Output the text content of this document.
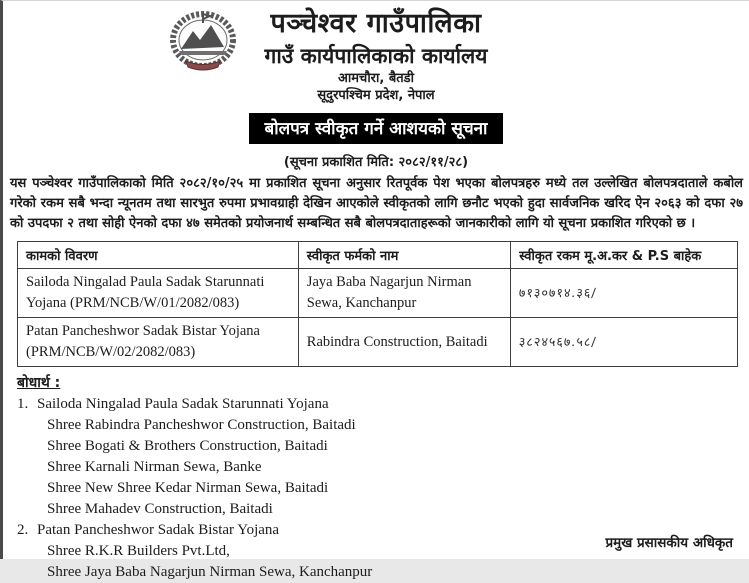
पञ्चेश्वर गाउँपालिका
गाउँ कार्यपालिकाको कार्यालय
आमचौरा, बैतडी
सूदुरपश्चिम प्रदेश, नेपाल
बोलपत्र स्वीकृत गर्ने आशयको सूचना
(सूचना प्रकाशित मिति: २०८२/११/२८)
यस पञ्चेश्वर गाउँपालिकाको मिति २०८२/१०/२५ मा प्रकाशित सूचना अनुसार रितपूर्वक पेश भएका बोलपत्रहरु मध्ये तल उल्लेखित बोलपत्रदाताले कबोल गरेको रकम सबै भन्दा न्यूनतम तथा सारभुत रुपमा प्रभावग्राही देखिन आएकोले स्वीकृतको लागि छनौट भएको हुदा सार्वजनिक खरिद ऐन २०६३ को दफा २७ को उपदफा २ तथा सोही ऐनको दफा ४७ समेतको प्रयोजनार्थ सम्बन्धित सबै बोलपत्रदाताहरूको जानकारीको लागि यो सूचना प्रकाशित गरिएको छ ।
कामको विवरण	स्वीकृत फर्मको नाम	स्वीकृत रकम मू.अ.कर & P.S बाहेक
Sailoda Ningalad Paula Sadak Starunnati Yojana (PRM/NCB/W/01/2082/083)	Jaya Baba Nagarjun Nirman Sewa, Kanchanpur	७१३०७१४.३६/
Patan Pancheshwor Sadak Bistar Yojana (PRM/NCB/W/02/2082/083)	Rabindra Construction, Baitadi	३८२४५६७.५८/
बोधार्थ :
1. Sailoda Ningalad Paula Sadak Starunnati Yojana
Shree Rabindra Pancheshwor Construction, Baitadi
Shree Bogati & Brothers Construction, Baitadi
Shree Karnali Nirman Sewa, Banke
Shree New Shree Kedar Nirman Sewa, Baitadi
Shree Mahadev Construction, Baitadi
2. Patan Pancheshwor Sadak Bistar Yojana
Shree R.K.R Builders Pvt.Ltd,
Shree Jaya Baba Nagarjun Nirman Sewa, Kanchanpur
प्रमुख प्रसासकीय अधिकृत
